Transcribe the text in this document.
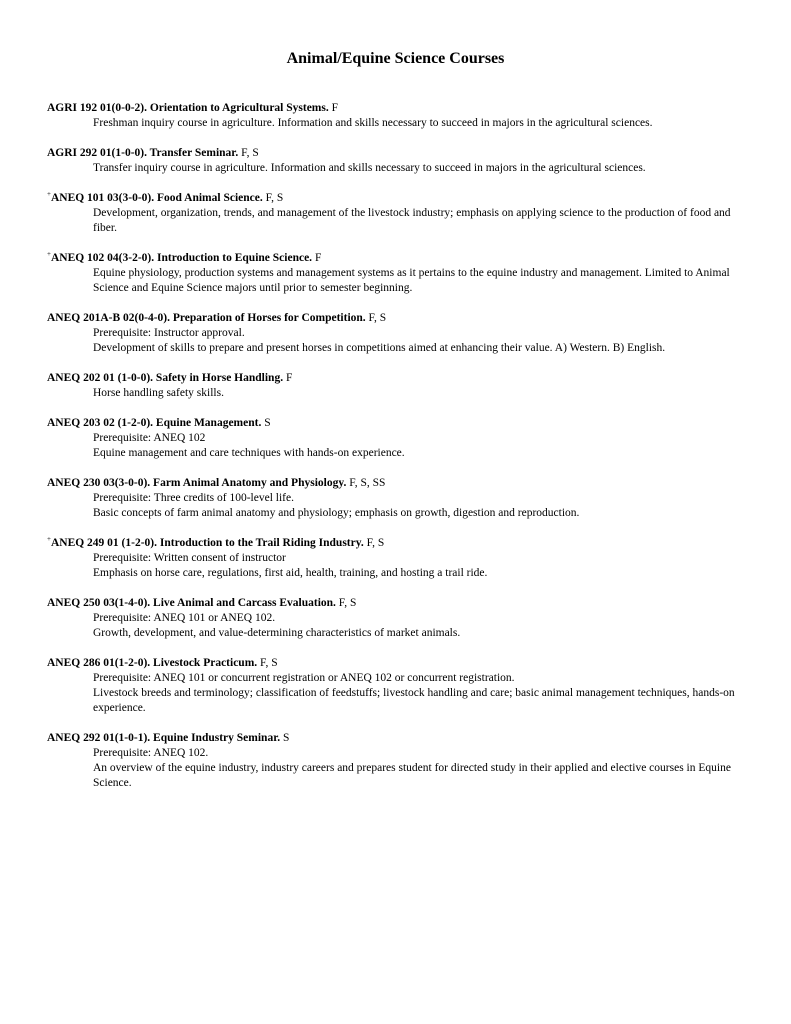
Animal/Equine Science Courses
AGRI 192 01(0-0-2). Orientation to Agricultural Systems. F
Freshman inquiry course in agriculture. Information and skills necessary to succeed in majors in the agricultural sciences.
AGRI 292 01(1-0-0). Transfer Seminar. F, S
Transfer inquiry course in agriculture. Information and skills necessary to succeed in majors in the agricultural sciences.
+ANEQ 101 03(3-0-0). Food Animal Science. F, S
Development, organization, trends, and management of the livestock industry; emphasis on applying science to the production of food and fiber.
+ANEQ 102 04(3-2-0). Introduction to Equine Science. F
Equine physiology, production systems and management systems as it pertains to the equine industry and management. Limited to Animal Science and Equine Science majors until prior to semester beginning.
ANEQ 201A-B 02(0-4-0). Preparation of Horses for Competition. F, S
Prerequisite: Instructor approval.
Development of skills to prepare and present horses in competitions aimed at enhancing their value. A) Western. B) English.
ANEQ 202 01 (1-0-0). Safety in Horse Handling. F
Horse handling safety skills.
ANEQ 203 02 (1-2-0). Equine Management. S
Prerequisite: ANEQ 102
Equine management and care techniques with hands-on experience.
ANEQ 230 03(3-0-0). Farm Animal Anatomy and Physiology. F, S, SS
Prerequisite: Three credits of 100-level life.
Basic concepts of farm animal anatomy and physiology; emphasis on growth, digestion and reproduction.
+ANEQ 249 01 (1-2-0). Introduction to the Trail Riding Industry. F, S
Prerequisite: Written consent of instructor
Emphasis on horse care, regulations, first aid, health, training, and hosting a trail ride.
ANEQ 250 03(1-4-0). Live Animal and Carcass Evaluation. F, S
Prerequisite: ANEQ 101 or ANEQ 102.
Growth, development, and value-determining characteristics of market animals.
ANEQ 286 01(1-2-0). Livestock Practicum. F, S
Prerequisite: ANEQ 101 or concurrent registration or ANEQ 102 or concurrent registration.
Livestock breeds and terminology; classification of feedstuffs; livestock handling and care; basic animal management techniques, hands-on experience.
ANEQ 292 01(1-0-1). Equine Industry Seminar. S
Prerequisite: ANEQ 102.
An overview of the equine industry, industry careers and prepares student for directed study in their applied and elective courses in Equine Science.
